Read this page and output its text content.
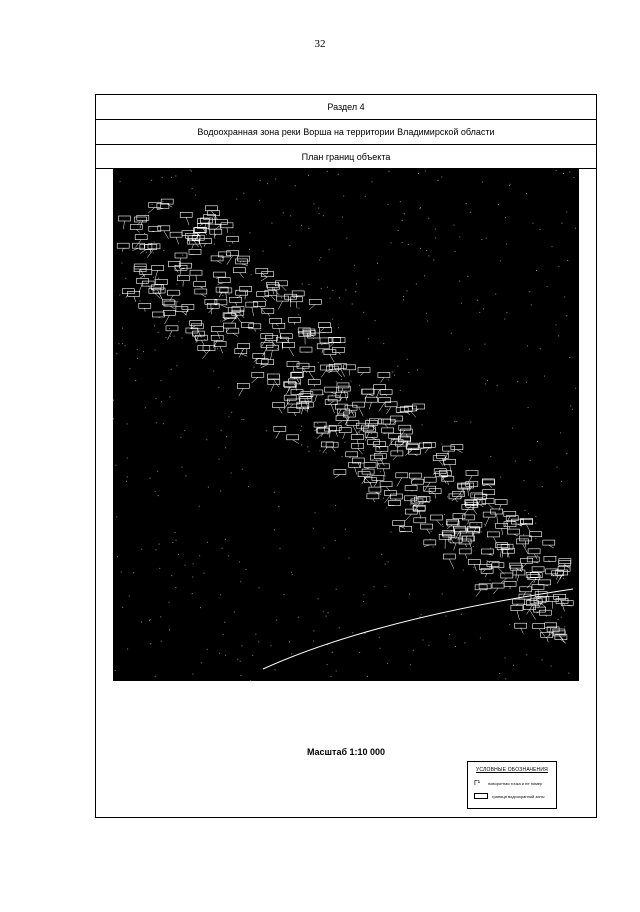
32
Раздел 4
Водоохранная зона реки Ворша на территории Владимирской области
План границ объекта
Масштаб 1:10 000
УСЛОВНЫЕ ОБОЗНАЧЕНИЯ
Г¹	поворотная точка и ее номер
граница водоохранной зоны
